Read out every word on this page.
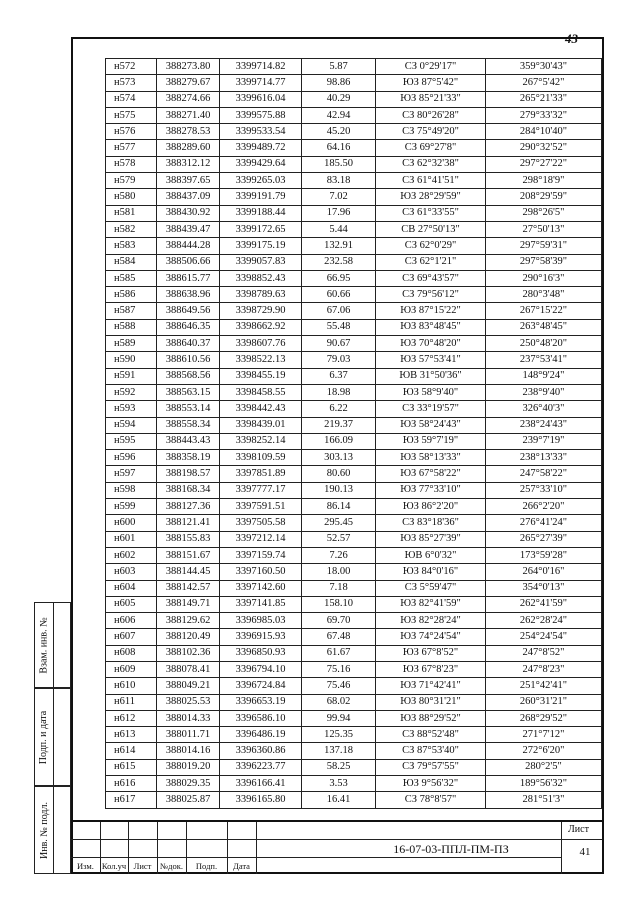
43
н572	388273.80	3399714.82	5.87	СЗ 0°29'17"	359°30'43"
н573	388279.67	3399714.77	98.86	ЮЗ 87°5'42"	267°5'42"
н574	388274.66	3399616.04	40.29	ЮЗ 85°21'33"	265°21'33"
н575	388271.40	3399575.88	42.94	СЗ 80°26'28"	279°33'32"
н576	388278.53	3399533.54	45.20	СЗ 75°49'20"	284°10'40"
н577	388289.60	3399489.72	64.16	СЗ 69°27'8"	290°32'52"
н578	388312.12	3399429.64	185.50	СЗ 62°32'38"	297°27'22"
н579	388397.65	3399265.03	83.18	СЗ 61°41'51"	298°18'9"
н580	388437.09	3399191.79	7.02	ЮЗ 28°29'59"	208°29'59"
н581	388430.92	3399188.44	17.96	СЗ 61°33'55"	298°26'5"
н582	388439.47	3399172.65	5.44	СВ 27°50'13"	27°50'13"
н583	388444.28	3399175.19	132.91	СЗ 62°0'29"	297°59'31"
н584	388506.66	3399057.83	232.58	СЗ 62°1'21"	297°58'39"
н585	388615.77	3398852.43	66.95	СЗ 69°43'57"	290°16'3"
н586	388638.96	3398789.63	60.66	СЗ 79°56'12"	280°3'48"
н587	388649.56	3398729.90	67.06	ЮЗ 87°15'22"	267°15'22"
н588	388646.35	3398662.92	55.48	ЮЗ 83°48'45"	263°48'45"
н589	388640.37	3398607.76	90.67	ЮЗ 70°48'20"	250°48'20"
н590	388610.56	3398522.13	79.03	ЮЗ 57°53'41"	237°53'41"
н591	388568.56	3398455.19	6.37	ЮВ 31°50'36"	148°9'24"
н592	388563.15	3398458.55	18.98	ЮЗ 58°9'40"	238°9'40"
н593	388553.14	3398442.43	6.22	СЗ 33°19'57"	326°40'3"
н594	388558.34	3398439.01	219.37	ЮЗ 58°24'43"	238°24'43"
н595	388443.43	3398252.14	166.09	ЮЗ 59°7'19"	239°7'19"
н596	388358.19	3398109.59	303.13	ЮЗ 58°13'33"	238°13'33"
н597	388198.57	3397851.89	80.60	ЮЗ 67°58'22"	247°58'22"
н598	388168.34	3397777.17	190.13	ЮЗ 77°33'10"	257°33'10"
н599	388127.36	3397591.51	86.14	ЮЗ 86°2'20"	266°2'20"
н600	388121.41	3397505.58	295.45	СЗ 83°18'36"	276°41'24"
н601	388155.83	3397212.14	52.57	ЮЗ 85°27'39"	265°27'39"
н602	388151.67	3397159.74	7.26	ЮВ 6°0'32"	173°59'28"
н603	388144.45	3397160.50	18.00	ЮЗ 84°0'16"	264°0'16"
н604	388142.57	3397142.60	7.18	СЗ 5°59'47"	354°0'13"
н605	388149.71	3397141.85	158.10	ЮЗ 82°41'59"	262°41'59"
н606	388129.62	3396985.03	69.70	ЮЗ 82°28'24"	262°28'24"
н607	388120.49	3396915.93	67.48	ЮЗ 74°24'54"	254°24'54"
н608	388102.36	3396850.93	61.67	ЮЗ 67°8'52"	247°8'52"
н609	388078.41	3396794.10	75.16	ЮЗ 67°8'23"	247°8'23"
н610	388049.21	3396724.84	75.46	ЮЗ 71°42'41"	251°42'41"
н611	388025.53	3396653.19	68.02	ЮЗ 80°31'21"	260°31'21"
н612	388014.33	3396586.10	99.94	ЮЗ 88°29'52"	268°29'52"
н613	388011.71	3396486.19	125.35	СЗ 88°52'48"	271°7'12"
н614	388014.16	3396360.86	137.18	СЗ 87°53'40"	272°6'20"
н615	388019.20	3396223.77	58.25	СЗ 79°57'55"	280°2'5"
н616	388029.35	3396166.41	3.53	ЮЗ 9°56'32"	189°56'32"
н617	388025.87	3396165.80	16.41	СЗ 78°8'57"	281°51'3"
Взам. инв. №
Подп. и дата
Инв. № подл.
Изм. Кол.уч Лист	№док.	Подп.	Дата
16-07-03-ППЛ-ПМ-ПЗ
Лист
41
